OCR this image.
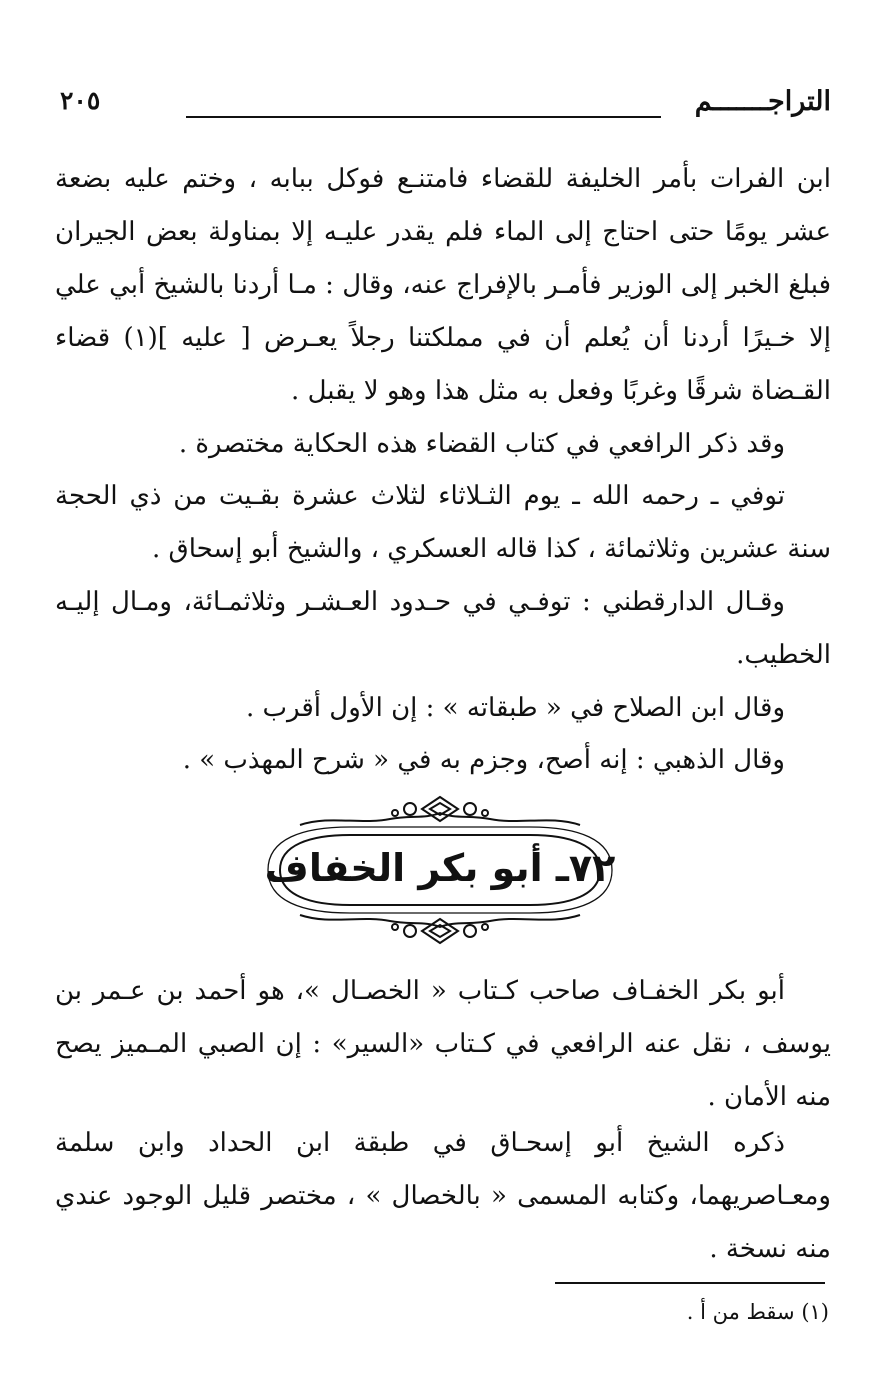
التراجـــــــم
٢٠٥

ابن الفرات بأمر الخليفة للقضاء فامتنـع فوكل ببابه ، وختم عليه بضعة عشر يومًا حتى احتاج إلى الماء فلم يقدر عليـه إلا بمناولة بعض الجيران فبلغ الخبر إلى الوزير فأمـر بالإفراج عنه، وقال : مـا أردنا بالشيخ أبي علي إلا خـيرًا أردنا أن يُعلم أن في مملكتنا رجلاً يعـرض [ عليه ](١) قضاء القـضاة شرقًا وغربًا وفعل به مثل هذا وهو لا يقبل .

وقد ذكر الرافعي في كتاب القضاء هذه الحكاية مختصرة .

توفي ـ رحمه الله ـ يوم الثـلاثاء لثلاث عشرة بقـيت من ذي الحجة سنة عشرين وثلاثمائة ، كذا قاله العسكري ، والشيخ أبو إسحاق .

وقـال الدارقطني : توفـي في حـدود العـشـر وثلاثمـائة، ومـال إليـه الخطيب.

وقال ابن الصلاح في « طبقاته » : إن الأول أقرب .

وقال الذهبي : إنه أصح، وجزم به في « شرح المهذب » .

٧٢ـ أبو بكر الخفاف

أبو بكر الخفـاف صاحب كـتاب « الخصـال »، هو أحمد بن عـمر بن يوسف ، نقل عنه الرافعي في كـتاب «السير» : إن الصبي المـميز يصح منه الأمان .

ذكره الشيخ أبو إسحـاق في طبقة ابن الحداد وابن سلمة ومعـاصريهما، وكتابه المسمى « بالخصال » ، مختصر قليل الوجود عندي منه نسخة .

(١) سقط من أ .
